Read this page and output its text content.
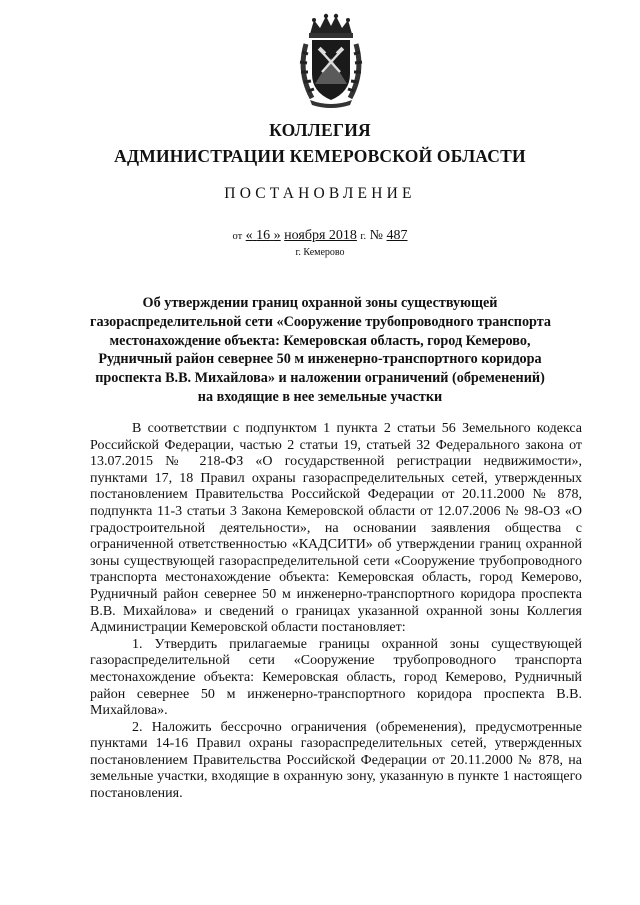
КОЛЛЕГИЯ
АДМИНИСТРАЦИИ КЕМЕРОВСКОЙ ОБЛАСТИ
ПОСТАНОВЛЕНИЕ
от « 16 » ноября 2018 г. № 487
г. Кемерово
Об утверждении границ охранной зоны существующей
газораспределительной сети «Сооружение трубопроводного транспорта
местонахождение объекта: Кемеровская область, город Кемерово,
Рудничный район севернее 50 м инженерно-транспортного коридора
проспекта В.В. Михайлова» и наложении ограничений (обременений)
на входящие в нее земельные участки

В соответствии с подпунктом 1 пункта 2 статьи 56 Земельного кодекса Российской Федерации, частью 2 статьи 19, статьей 32 Федерального закона от 13.07.2015 № 218-ФЗ «О государственной регистрации недвижимости», пунктами 17, 18 Правил охраны газораспределительных сетей, утвержденных постановлением Правительства Российской Федерации от 20.11.2000 № 878, подпункта 11-3 статьи 3 Закона Кемеровской области от 12.07.2006 № 98-ОЗ «О градостроительной деятельности», на основании заявления общества с ограниченной ответственностью «КАДСИТИ» об утверждении границ охранной зоны существующей газораспределительной сети «Сооружение трубопроводного транспорта местонахождение объекта: Кемеровская область, город Кемерово, Рудничный район севернее 50 м инженерно-транспортного коридора проспекта В.В. Михайлова» и сведений о границах указанной охранной зоны Коллегия Администрации Кемеровской области постановляет:

1. Утвердить прилагаемые границы охранной зоны существующей газораспределительной сети «Сооружение трубопроводного транспорта местонахождение объекта: Кемеровская область, город Кемерово, Рудничный район севернее 50 м инженерно-транспортного коридора проспекта В.В. Михайлова».

2. Наложить бессрочно ограничения (обременения), предусмотренные пунктами 14-16 Правил охраны газораспределительных сетей, утвержденных постановлением Правительства Российской Федерации от 20.11.2000 № 878, на земельные участки, входящие в охранную зону, указанную в пункте 1 настоящего постановления.
